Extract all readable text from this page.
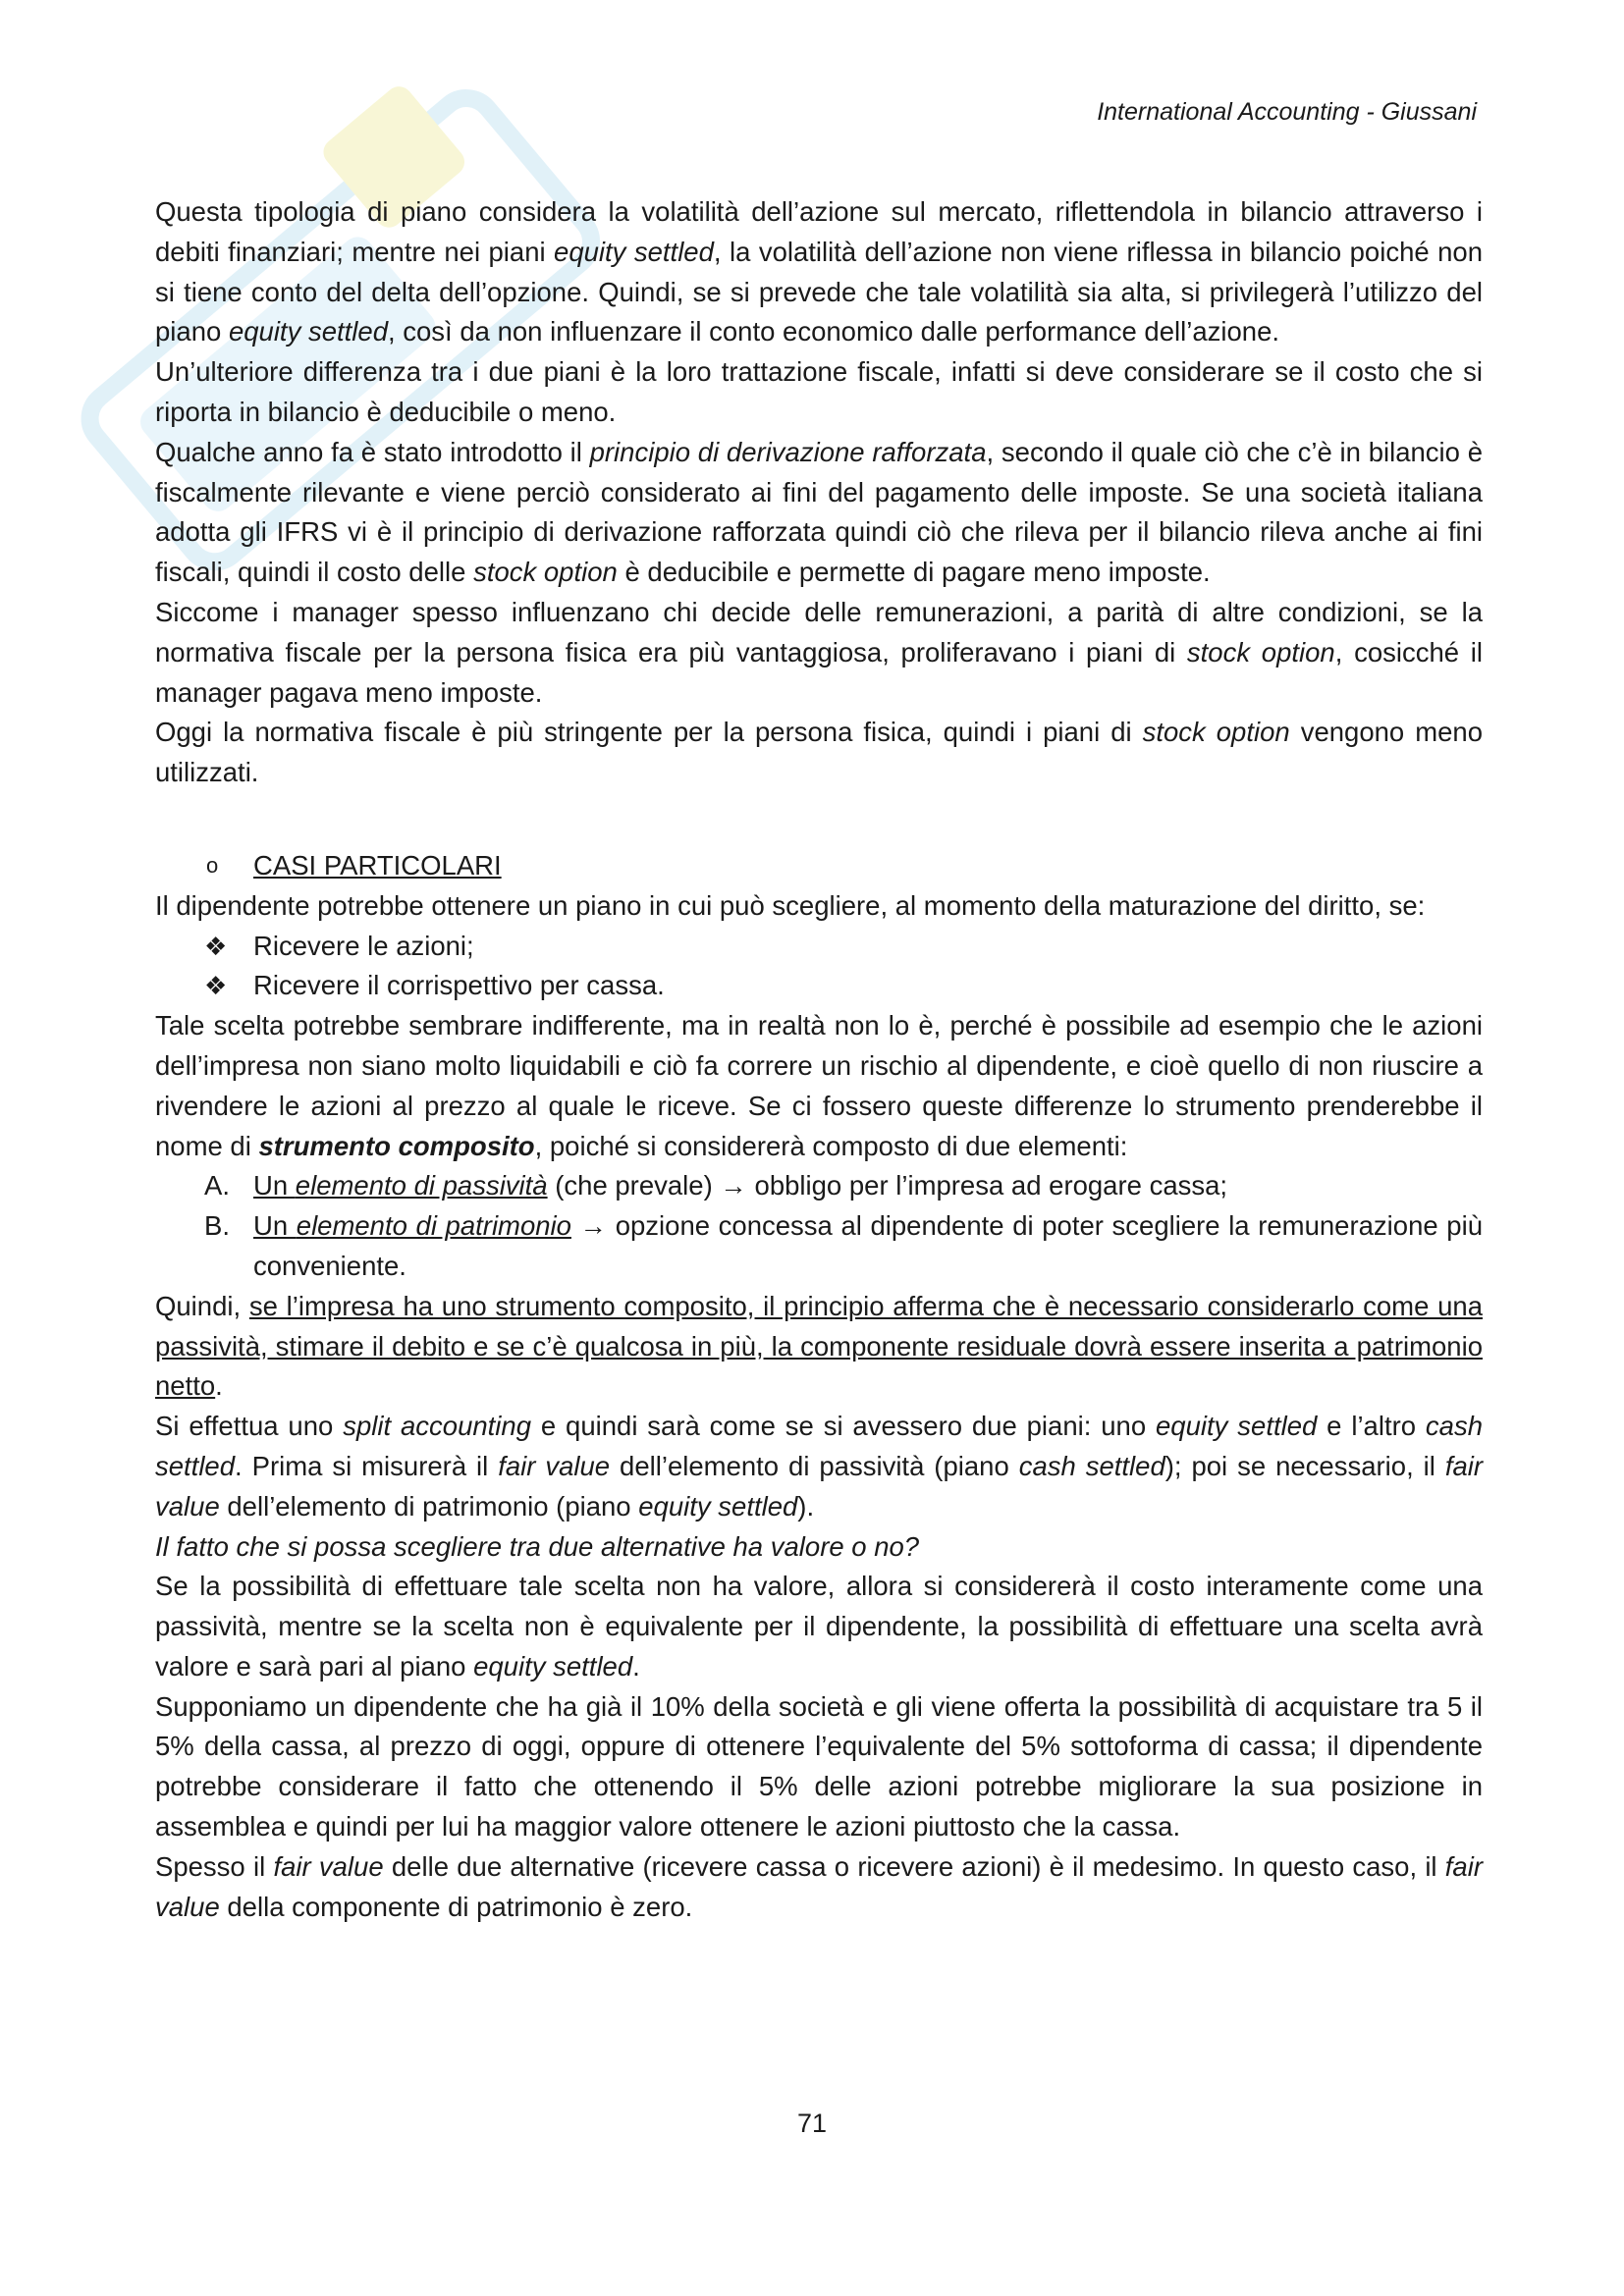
International Accounting - Giussani

Questa tipologia di piano considera la volatilità dell’azione sul mercato, riflettendola in bilancio attraverso i debiti finanziari; mentre nei piani equity settled, la volatilità dell’azione non viene riflessa in bilancio poiché non si tiene conto del delta dell’opzione. Quindi, se si prevede che tale volatilità sia alta, si privilegerà l’utilizzo del piano equity settled, così da non influenzare il conto economico dalle performance dell’azione.

Un’ulteriore differenza tra i due piani è la loro trattazione fiscale, infatti si deve considerare se il costo che si riporta in bilancio è deducibile o meno.

Qualche anno fa è stato introdotto il principio di derivazione rafforzata, secondo il quale ciò che c’è in bilancio è fiscalmente rilevante e viene perciò considerato ai fini del pagamento delle imposte. Se una società italiana adotta gli IFRS vi è il principio di derivazione rafforzata quindi ciò che rileva per il bilancio rileva anche ai fini fiscali, quindi il costo delle stock option è deducibile e permette di pagare meno imposte.

Siccome i manager spesso influenzano chi decide delle remunerazioni, a parità di altre condizioni, se la normativa fiscale per la persona fisica era più vantaggiosa, proliferavano i piani di stock option, cosicché il manager pagava meno imposte.

Oggi la normativa fiscale è più stringente per la persona fisica, quindi i piani di stock option vengono meno utilizzati.

o CASI PARTICOLARI

Il dipendente potrebbe ottenere un piano in cui può scegliere, al momento della maturazione del diritto, se:

❖ Ricevere le azioni;

❖ Ricevere il corrispettivo per cassa.

Tale scelta potrebbe sembrare indifferente, ma in realtà non lo è, perché è possibile ad esempio che le azioni dell’impresa non siano molto liquidabili e ciò fa correre un rischio al dipendente, e cioè quello di non riuscire a rivendere le azioni al prezzo al quale le riceve. Se ci fossero queste differenze lo strumento prenderebbe il nome di strumento composito, poiché si considererà composto di due elementi:

A. Un elemento di passività (che prevale) → obbligo per l’impresa ad erogare cassa;

B. Un elemento di patrimonio → opzione concessa al dipendente di poter scegliere la remunerazione più conveniente.

Quindi, se l’impresa ha uno strumento composito, il principio afferma che è necessario considerarlo come una passività, stimare il debito e se c’è qualcosa in più, la componente residuale dovrà essere inserita a patrimonio netto.

Si effettua uno split accounting e quindi sarà come se si avessero due piani: uno equity settled e l’altro cash settled. Prima si misurerà il fair value dell’elemento di passività (piano cash settled); poi se necessario, il fair value dell’elemento di patrimonio (piano equity settled).

Il fatto che si possa scegliere tra due alternative ha valore o no?

Se la possibilità di effettuare tale scelta non ha valore, allora si considererà il costo interamente come una passività, mentre se la scelta non è equivalente per il dipendente, la possibilità di effettuare una scelta avrà valore e sarà pari al piano equity settled.

Supponiamo un dipendente che ha già il 10% della società e gli viene offerta la possibilità di acquistare tra 5 il 5% della cassa, al prezzo di oggi, oppure di ottenere l’equivalente del 5% sottoforma di cassa; il dipendente potrebbe considerare il fatto che ottenendo il 5% delle azioni potrebbe migliorare la sua posizione in assemblea e quindi per lui ha maggior valore ottenere le azioni piuttosto che la cassa.

Spesso il fair value delle due alternative (ricevere cassa o ricevere azioni) è il medesimo. In questo caso, il fair value della componente di patrimonio è zero.

71
